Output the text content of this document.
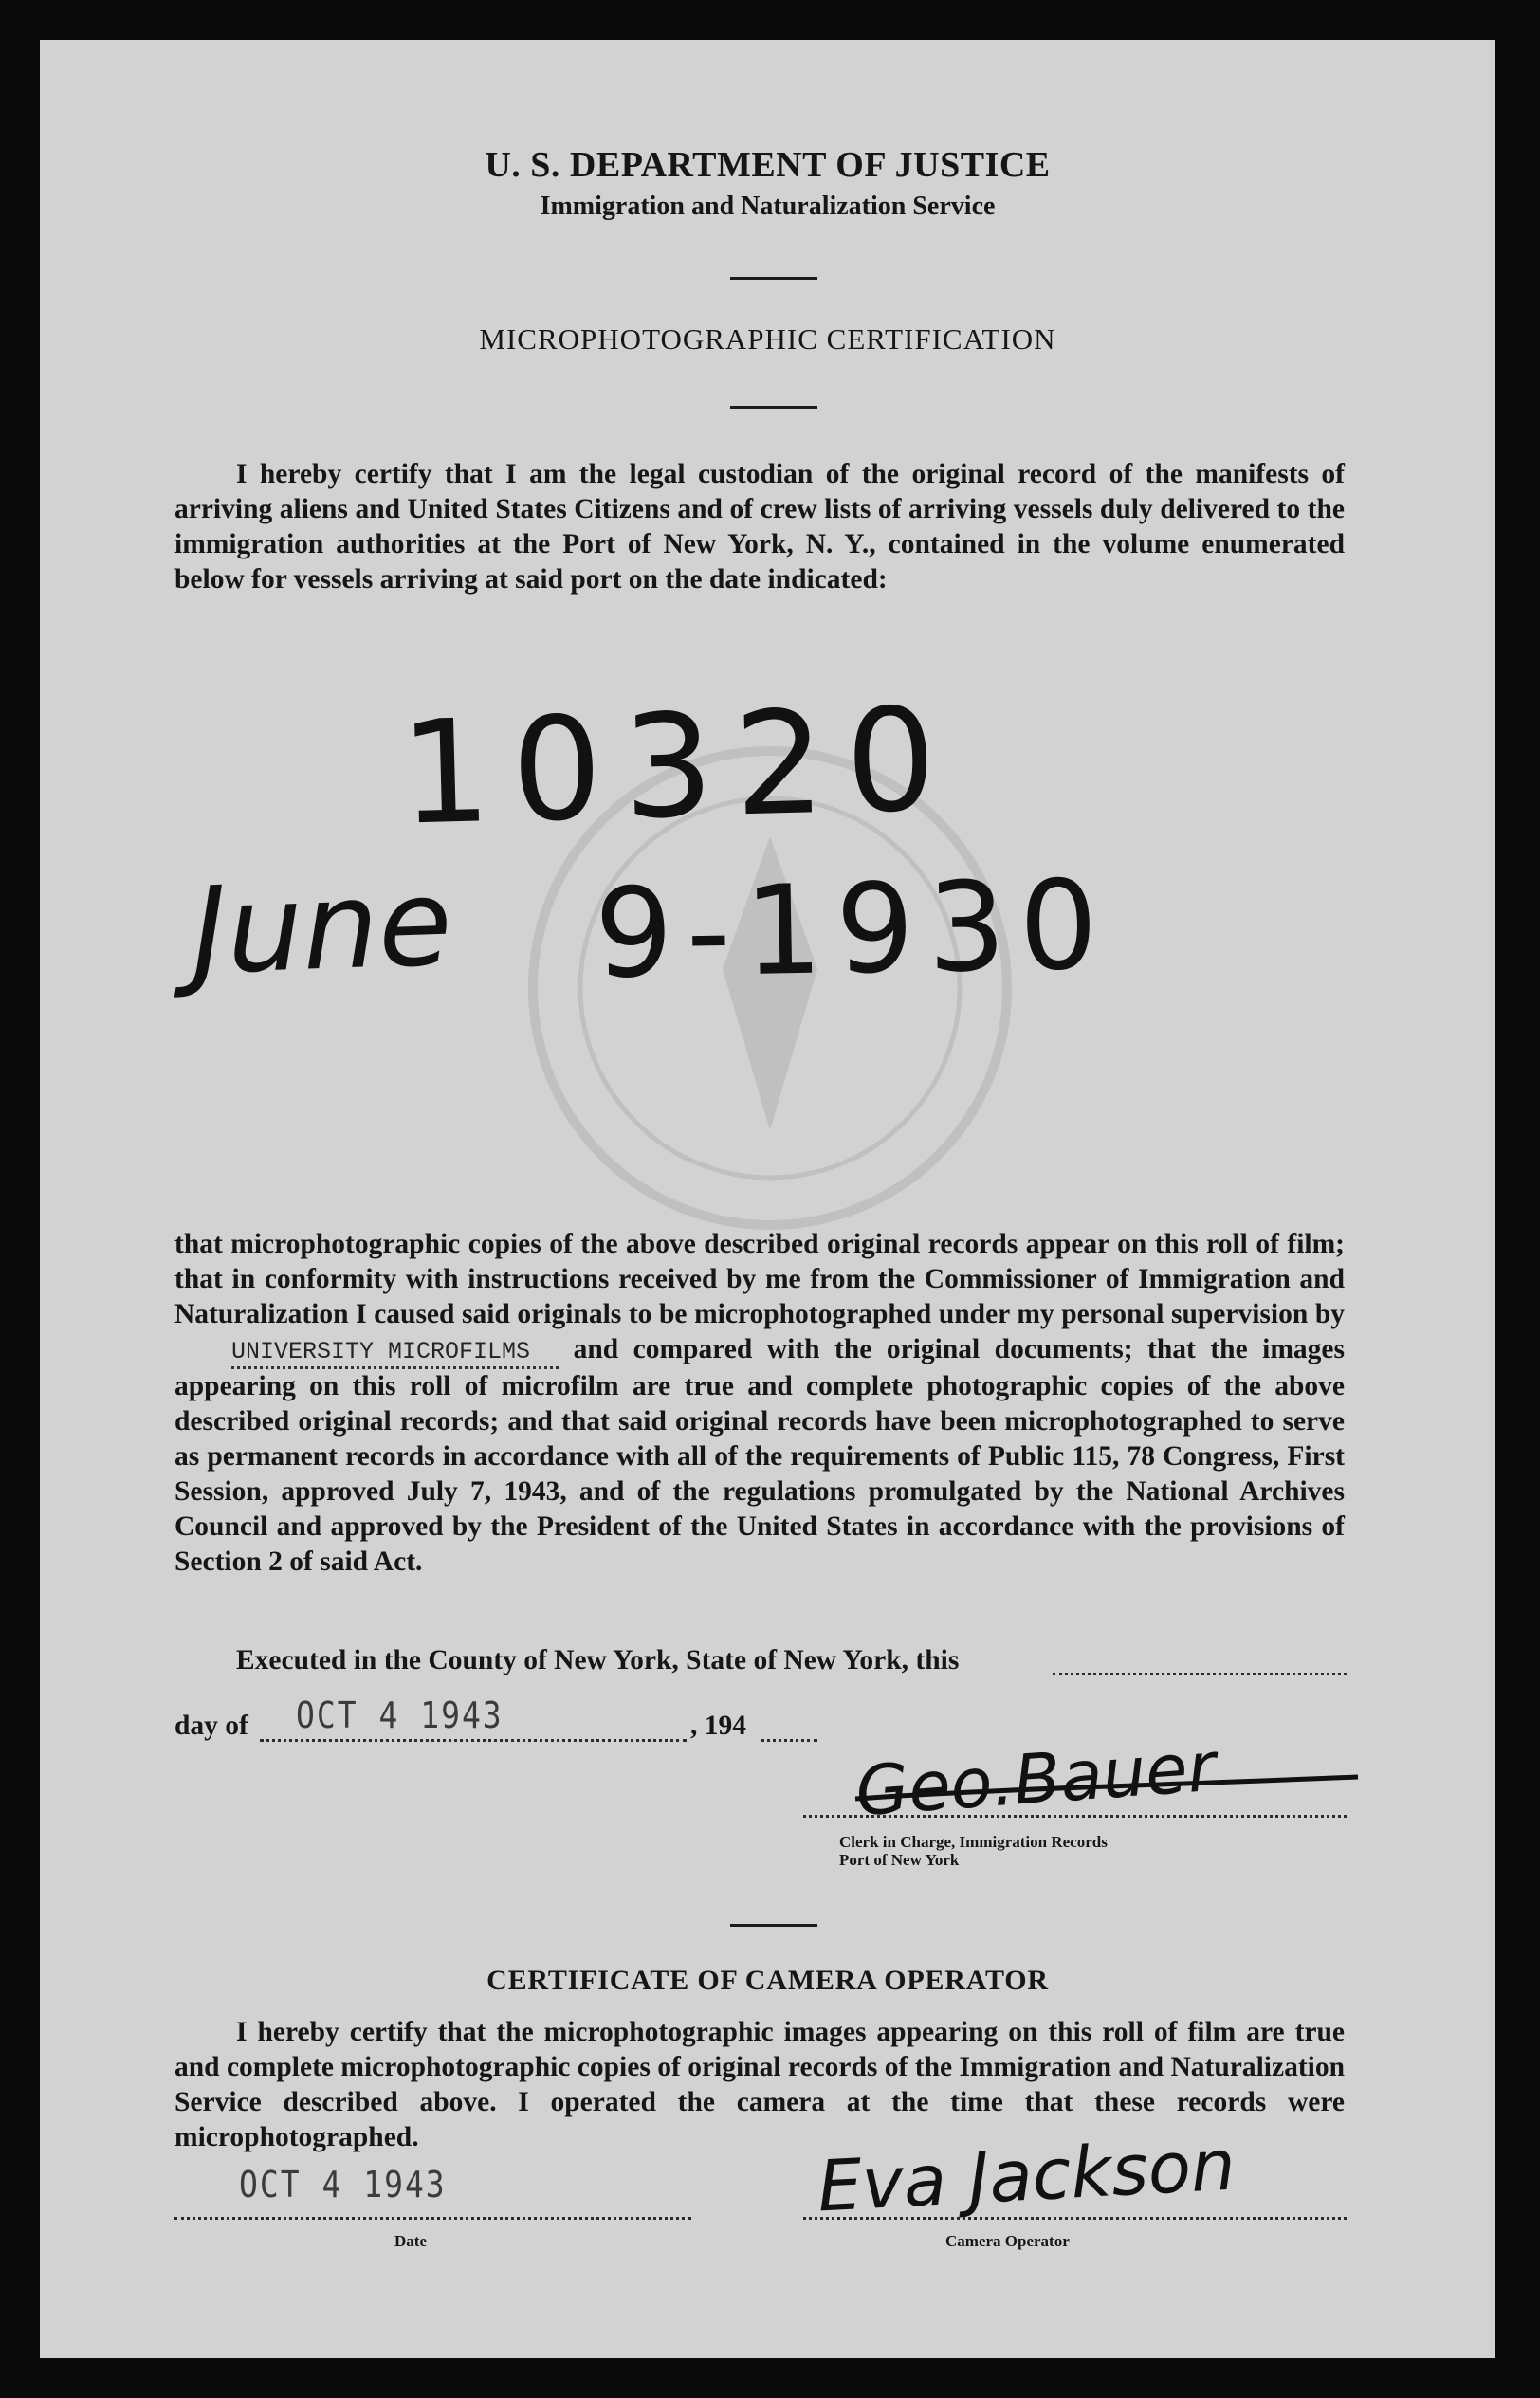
U. S. DEPARTMENT OF JUSTICE
Immigration and Naturalization Service
MICROPHOTOGRAPHIC CERTIFICATION
I hereby certify that I am the legal custodian of the original record of the manifests of arriving aliens and United States Citizens and of crew lists of arriving vessels duly delivered to the immigration authorities at the Port of New York, N. Y., contained in the volume enumerated below for vessels arriving at said port on the date indicated:
10320
June 9-1930
that microphotographic copies of the above described original records appear on this roll of film; that in conformity with instructions received by me from the Commissioner of Immigration and Naturalization I caused said originals to be microphotographed under my personal supervision by UNIVERSITY MICROFILMS and compared with the original documents; that the images appearing on this roll of microfilm are true and complete photographic copies of the above described original records; and that said original records have been microphotographed to serve as permanent records in accordance with all of the requirements of Public 115, 78 Congress, First Session, approved July 7, 1943, and of the regulations promulgated by the National Archives Council and approved by the President of the United States in accordance with the provisions of Section 2 of said Act.
Executed in the County of New York, State of New York, this
day of OCT 4 1943	, 194
Geo.Bauer
Clerk in Charge, Immigration Records
Port of New York
CERTIFICATE OF CAMERA OPERATOR
I hereby certify that the microphotographic images appearing on this roll of film are true and complete microphotographic copies of original records of the Immigration and Naturalization Service described above. I operated the camera at the time that these records were microphotographed.
OCT 4 1943
Date
Eva Jackson
Camera Operator
